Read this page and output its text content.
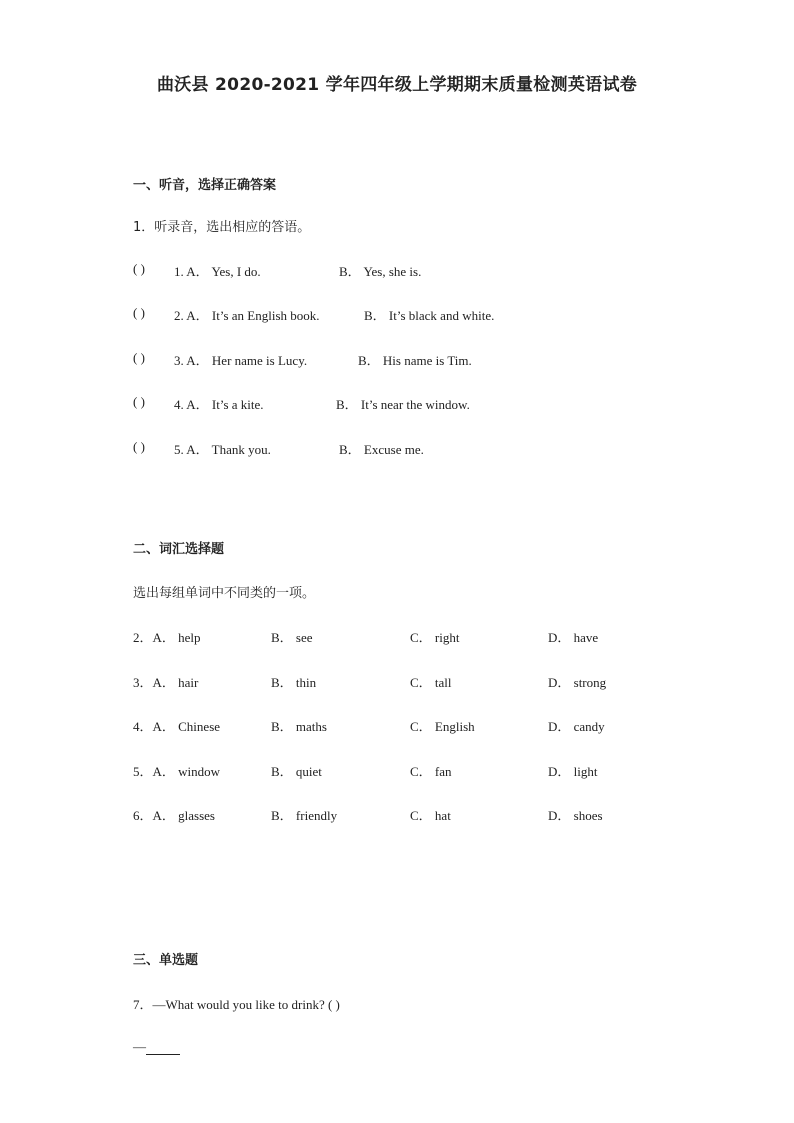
曲沃县 2020-2021 学年四年级上学期期末质量检测英语试卷
一、听音，选择正确答案
1．听录音，选出相应的答语。
( ) 1. A． Yes, I do.	B． Yes, she is.
( ) 2. A． It’s an English book.	B． It’s black and white.
( ) 3. A． Her name is Lucy.	B． His name is Tim.
( ) 4. A． It’s a kite.	B． It’s near the window.
( ) 5. A． Thank you.	B． Excuse me.
二、词汇选择题
选出每组单词中不同类的一项。
2．A． help	B． see	C． right	D． have
3．A． hair	B． thin	C． tall	D． strong
4．A． Chinese	B． maths	C． English	D． candy
5．A． window	B． quiet	C． fan	D． light
6．A． glasses	B． friendly	C． hat	D． shoes
三、单选题
7．—What would you like to drink? ( )
—
